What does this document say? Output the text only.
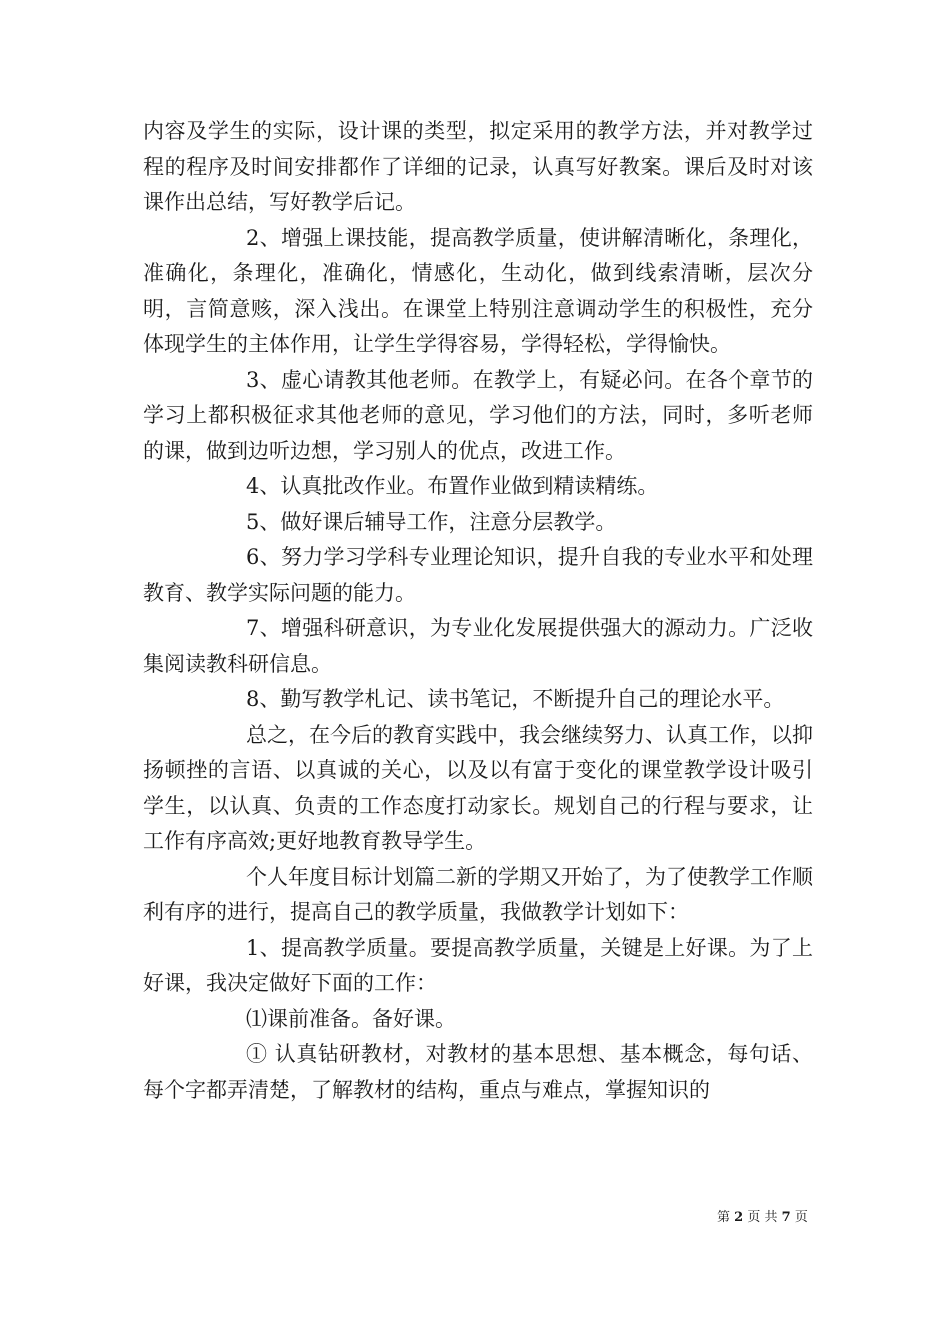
内容及学生的实际，设计课的类型，拟定采用的教学方法，并对教学过程的程序及时间安排都作了详细的记录，认真写好教案。课后及时对该课作出总结，写好教学后记。

2、增强上课技能，提高教学质量，使讲解清晰化，条理化，准确化，条理化，准确化，情感化，生动化，做到线索清晰，层次分明，言简意赅，深入浅出。在课堂上特别注意调动学生的积极性，充分体现学生的主体作用，让学生学得容易，学得轻松，学得愉快。

3、虚心请教其他老师。在教学上，有疑必问。在各个章节的学习上都积极征求其他老师的意见，学习他们的方法，同时，多听老师的课，做到边听边想，学习别人的优点，改进工作。

4、认真批改作业。布置作业做到精读精练。

5、做好课后辅导工作，注意分层教学。

6、努力学习学科专业理论知识，提升自我的专业水平和处理教育、教学实际问题的能力。

7、增强科研意识，为专业化发展提供强大的源动力。广泛收集阅读教科研信息。

8、勤写教学札记、读书笔记，不断提升自己的理论水平。

总之，在今后的教育实践中，我会继续努力、认真工作，以抑扬顿挫的言语、以真诚的关心，以及以有富于变化的课堂教学设计吸引学生，以认真、负责的工作态度打动家长。规划自己的行程与要求，让工作有序高效;更好地教育教导学生。

个人年度目标计划篇二新的学期又开始了，为了使教学工作顺利有序的进行，提高自己的教学质量，我做教学计划如下：

1、提高教学质量。要提高教学质量，关键是上好课。为了上好课，我决定做好下面的工作：

⑴课前准备。备好课。

① 认真钻研教材，对教材的基本思想、基本概念，每句话、每个字都弄清楚，了解教材的结构，重点与难点，掌握知识的

第 2 页 共 7 页
